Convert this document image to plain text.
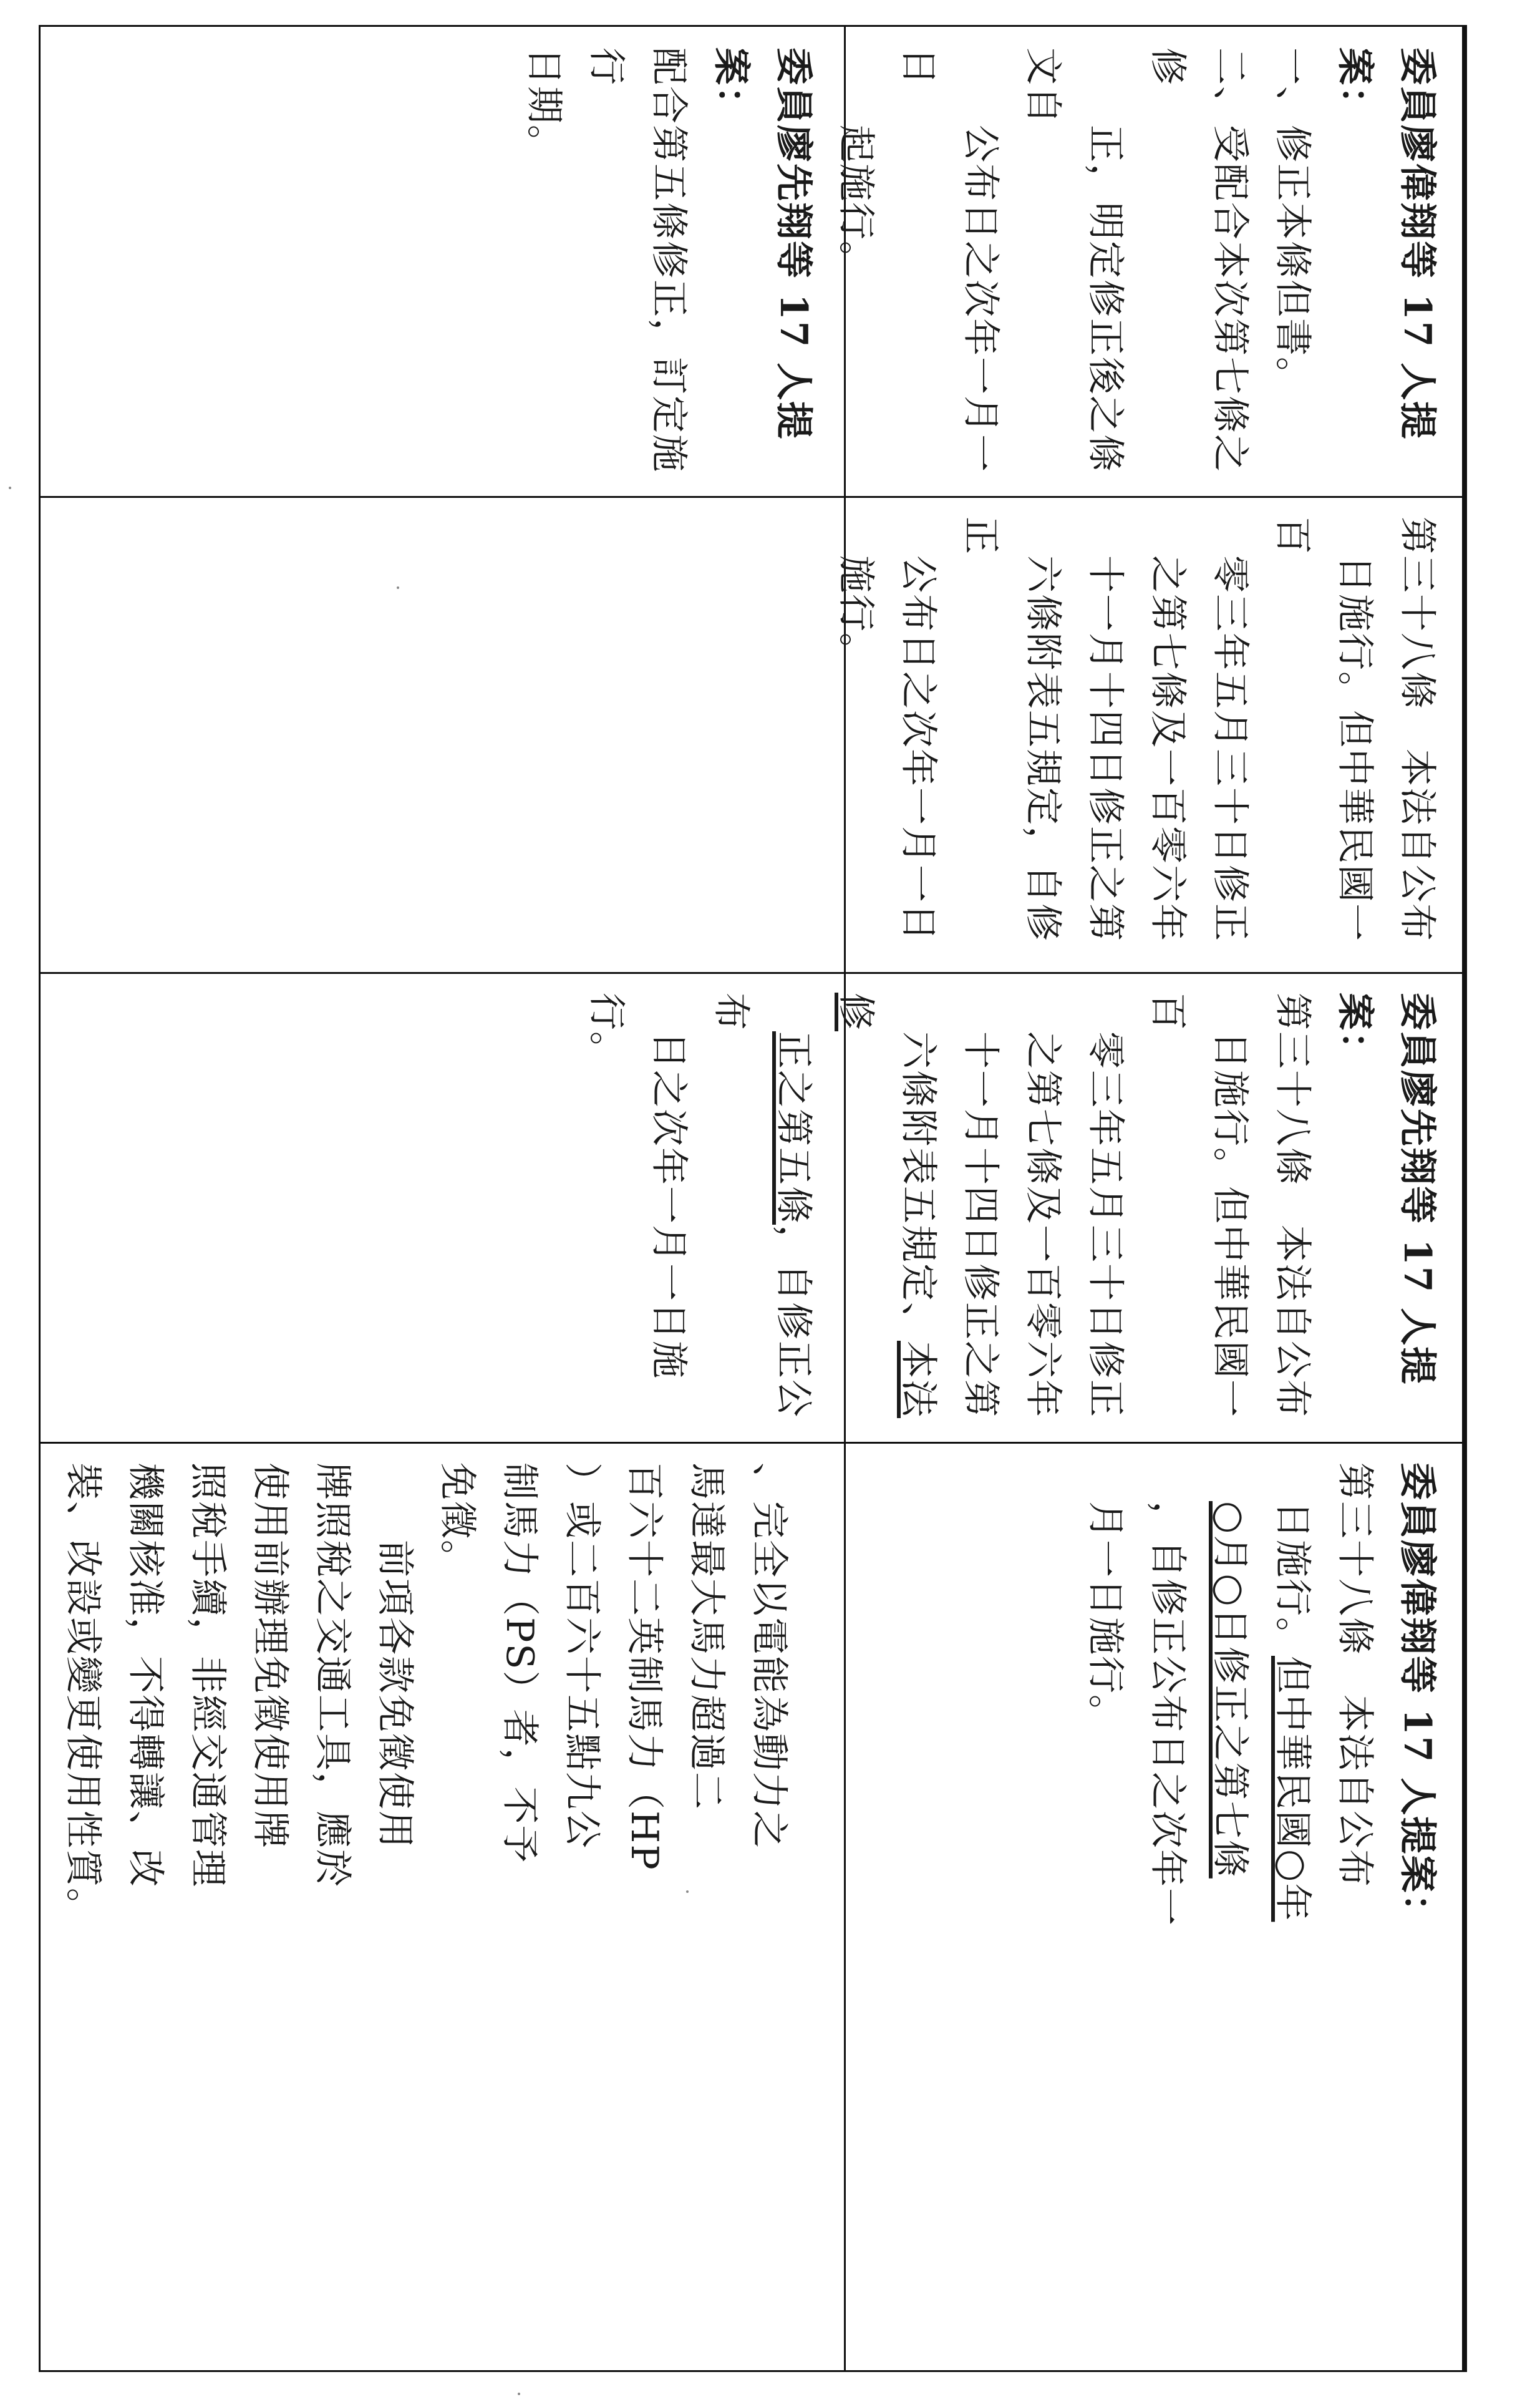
委員廖偉翔等 17 人提案：

一、修正本條但書。

二、受配合本次第七條之修

　　正，明定修正後之條文自

　　公布日之次年一月一日

　　起施行。

委員廖先翔等 17 人提案：

配合第五條修正，訂定施行

日期。

第三十八條　本法自公布

　日施行。但中華民國一百

　零三年五月三十日修正

　之第七條及一百零六年

　十一月十四日修正之第

　六條附表五規定，自修正

　公布日之次年一月一日

　施行。

委員廖先翔等 17 人提案：

第三十八條　本法自公布

　日施行。但中華民國一百

　零三年五月三十日修正

　之第七條及一百零六年

　十一月十四日修正之第

　六條附表五規定、本法修

　正之第五條，自修正公布

　日之次年一月一日施行。

委員廖偉翔等 17 人提案：

第三十八條　本法自公布

　日施行。但中華民國○年

　○月○日修正之第七條

　，自修正公布日之次年一

　月一日施行。

、完全以電能為動力之

馬達最大馬力超過二

百六十二英制馬力（HP

）或二百六十五點九公

制馬力（PS）者，不予

免徵。

　　前項各款免徵使用

牌照稅之交通工具，應於

使用前辦理免徵使用牌

照稅手續，非經交通管理

機關核准，不得轉讓、改

裝、改設或變更使用性質。
